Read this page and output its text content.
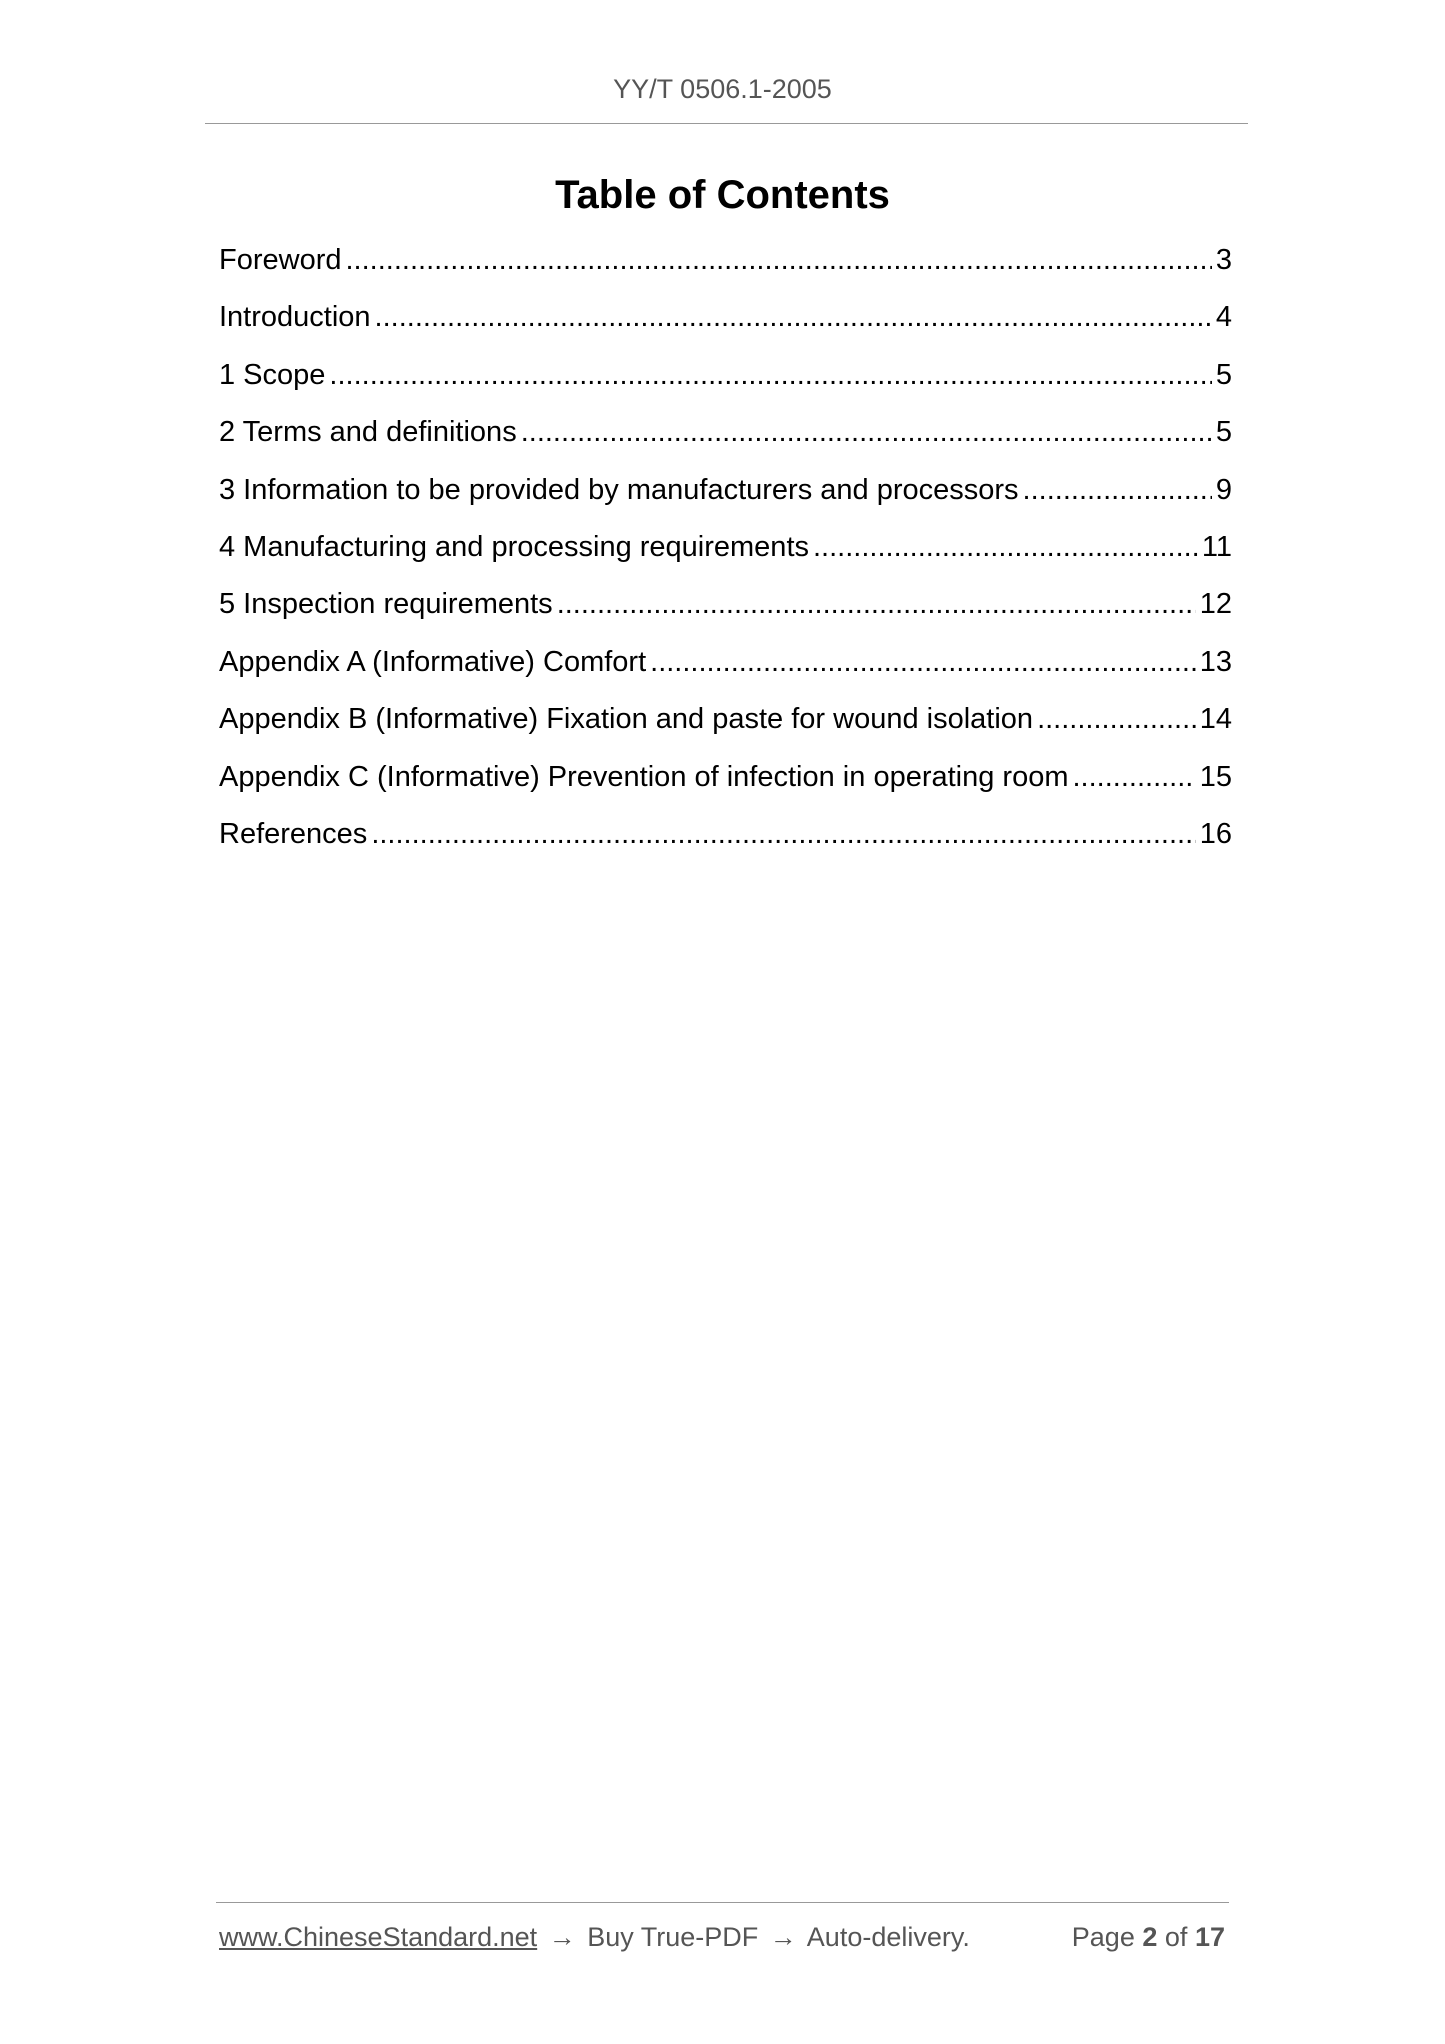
YY/T 0506.1-2005
Table of Contents
Foreword .....	3
Introduction .....	4
1 Scope .....	5
2 Terms and definitions .....	5
3 Information to be provided by manufacturers and processors .....	9
4 Manufacturing and processing requirements .....	11
5 Inspection requirements .....	12
Appendix A (Informative) Comfort .....	13
Appendix B (Informative) Fixation and paste for wound isolation .....	14
Appendix C (Informative) Prevention of infection in operating room .....	15
References .....	16
www.ChineseStandard.net → Buy True-PDF → Auto-delivery.	Page 2 of 17
